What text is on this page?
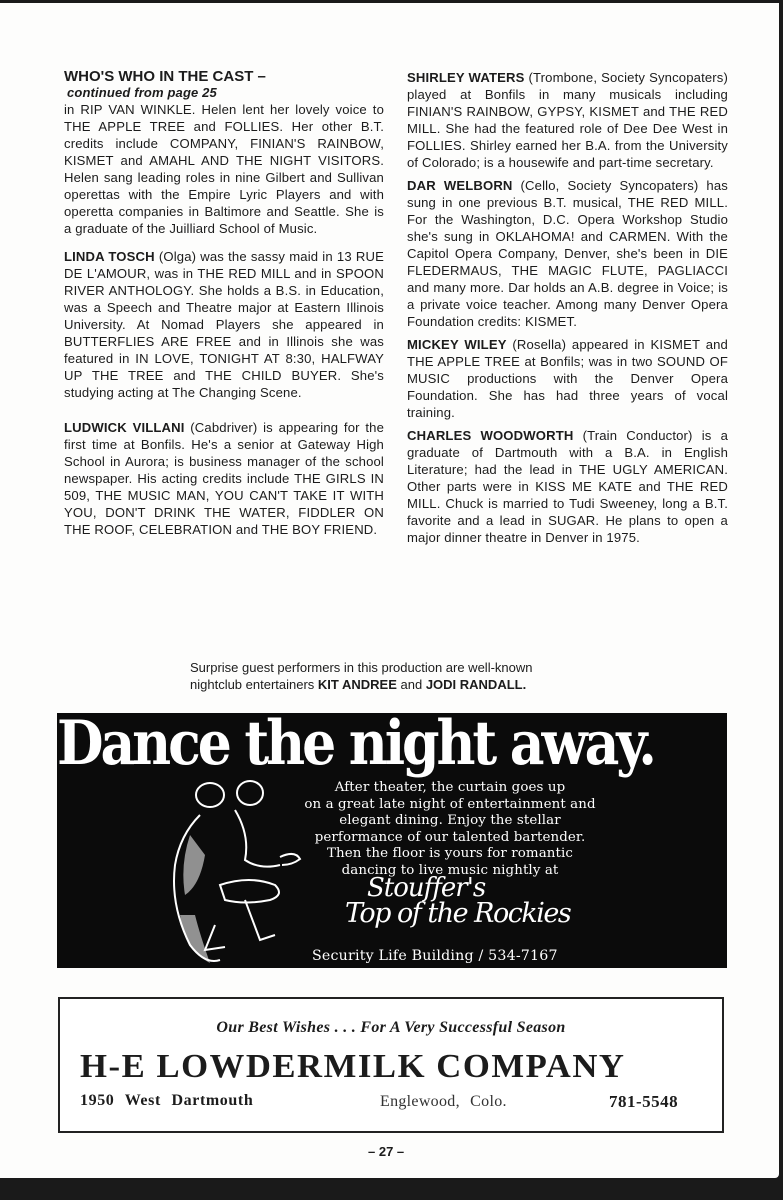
WHO'S WHO IN THE CAST –

continued from page 25

in RIP VAN WINKLE. Helen lent her lovely voice to THE APPLE TREE and FOLLIES. Her other B.T. credits include COMPANY, FINIAN'S RAINBOW, KISMET and AMAHL AND THE NIGHT VISITORS. Helen sang leading roles in nine Gilbert and Sullivan operettas with the Empire Lyric Players and with operetta companies in Baltimore and Seattle. She is a graduate of the Juilliard School of Music.

LINDA TOSCH (Olga) was the sassy maid in 13 RUE DE L'AMOUR, was in THE RED MILL and in SPOON RIVER ANTHOLOGY. She holds a B.S. in Education, was a Speech and Theatre major at Eastern Illinois University. At Nomad Players she appeared in BUTTERFLIES ARE FREE and in Illinois she was featured in IN LOVE, TONIGHT AT 8:30, HALFWAY UP THE TREE and THE CHILD BUYER. She's studying acting at The Changing Scene.

LUDWICK VILLANI (Cabdriver) is appearing for the first time at Bonfils. He's a senior at Gateway High School in Aurora; is business manager of the school newspaper. His acting credits include THE GIRLS IN 509, THE MUSIC MAN, YOU CAN'T TAKE IT WITH YOU, DON'T DRINK THE WATER, FIDDLER ON THE ROOF, CELEBRATION and THE BOY FRIEND.

SHIRLEY WATERS (Trombone, Society Syncopaters) played at Bonfils in many musicals including FINIAN'S RAINBOW, GYPSY, KISMET and THE RED MILL. She had the featured role of Dee Dee West in FOLLIES. Shirley earned her B.A. from the University of Colorado; is a housewife and part-time secretary.

DAR WELBORN (Cello, Society Syncopaters) has sung in one previous B.T. musical, THE RED MILL. For the Washington, D.C. Opera Workshop Studio she's sung in OKLAHOMA! and CARMEN. With the Capitol Opera Company, Denver, she's been in DIE FLEDERMAUS, THE MAGIC FLUTE, PAGLIACCI and many more. Dar holds an A.B. degree in Voice; is a private voice teacher. Among many Denver Opera Foundation credits: KISMET.

MICKEY WILEY (Rosella) appeared in KISMET and THE APPLE TREE at Bonfils; was in two SOUND OF MUSIC productions with the Denver Opera Foundation. She has had three years of vocal training.

CHARLES WOODWORTH (Train Conductor) is a graduate of Dartmouth with a B.A. in English Literature; had the lead in THE UGLY AMERICAN. Other parts were in KISS ME KATE and THE RED MILL. Chuck is married to Tudi Sweeney, long a B.T. favorite and a lead in SUGAR. He plans to open a major dinner theatre in Denver in 1975.

Surprise guest performers in this production are well-known
nightclub entertainers KIT ANDREE and JODI RANDALL.
Dance the night away.
After theater, the curtain goes up
on a great late night of entertainment and
elegant dining. Enjoy the stellar
performance of our talented bartender.
Then the floor is yours for romantic
dancing to live music nightly at
Stouffer's
Top of the Rockies
Security Life Building / 534-7167
Our Best Wishes . . . For A Very Successful Season
H-E LOWDERMILK COMPANY
1950 West Dartmouth	Englewood, Colo.	781-5548
– 27 –
